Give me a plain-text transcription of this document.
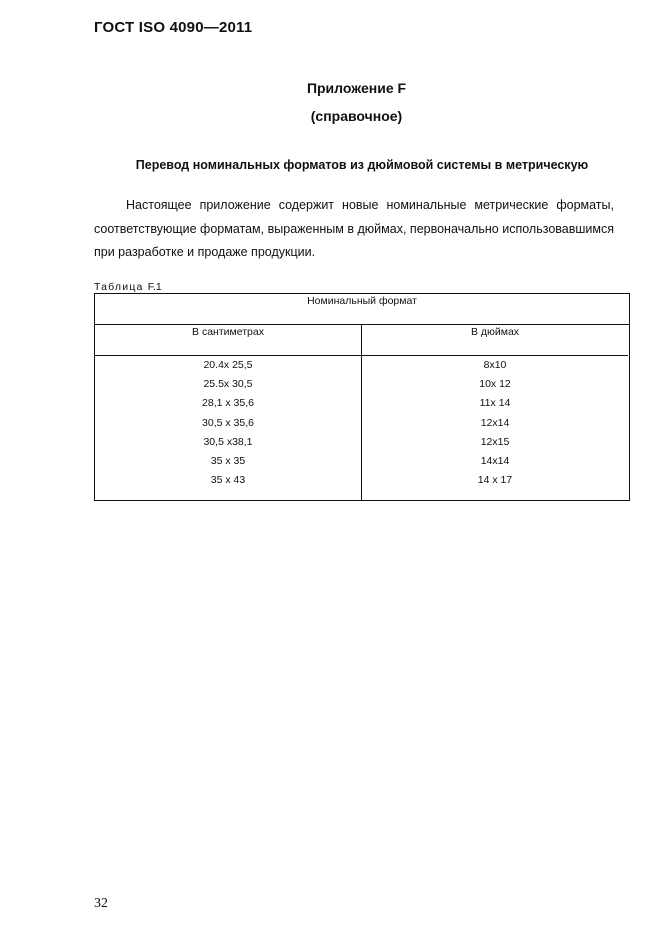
ГОСТ ISO 4090—2011
Приложение F
(справочное)
Перевод номинальных форматов из дюймовой системы в метрическую
Настоящее приложение содержит новые номинальные метрические форматы, соответствующие форматам, выраженным в дюймах, первоначально использовавшимся при разработке и продаже продукции.
Таблица F.1
Номинальный формат
В сантиметрах	В дюймах
20.4x 25,5
25.5x 30,5
28,1 x 35,6
30,5 x 35,6
30,5 x38,1
35 x 35
35 x 43
8x10
10x 12
11x 14
12x14
12x15
14x14
14 x 17
32
